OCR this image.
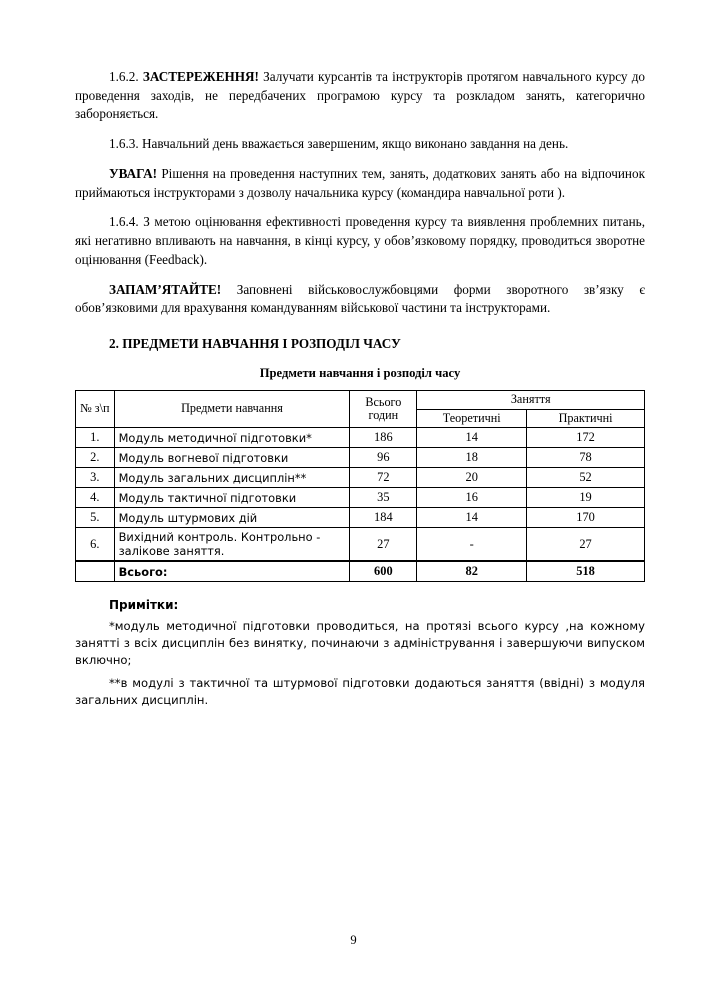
1.6.2. ЗАСТЕРЕЖЕННЯ! Залучати курсантів та інструкторів протягом навчального курсу до проведення заходів, не передбачених програмою курсу та розкладом занять, категорично забороняється.

1.6.3. Навчальний день вважається завершеним, якщо виконано завдання на день.

УВАГА! Рішення на проведення наступних тем, занять, додаткових занять або на відпочинок приймаються інструкторами з дозволу начальника курсу (командира навчальної роти ).

1.6.4. З метою оцінювання ефективності проведення курсу та виявлення проблемних питань, які негативно впливають на навчання, в кінці курсу, у обов’язковому порядку, проводиться зворотне оцінювання (Feedback).

ЗАПАМ’ЯТАЙТЕ! Заповнені військовослужбовцями форми зворотного зв’язку є обов’язковими для врахування командуванням військової частини та інструкторами.

2. ПРЕДМЕТИ НАВЧАННЯ І РОЗПОДІЛ ЧАСУ
Предмети навчання і розподіл часу
№ з\п	Предмети навчання	Всього годин	Заняття	
			Теоретичні	Практичні
1.	Модуль методичної підготовки*	186	14	172
2.	Модуль вогневої підготовки	96	18	78
3.	Модуль загальних дисциплін**	72	20	52
4.	Модуль тактичної підготовки	35	16	19
5.	Модуль штурмових дій	184	14	170
6.	Вихідний контроль. Контрольно - залікове заняття.	27	-	27
	Всього:	600	82	518
Примітки:

*модуль методичної підготовки проводиться, на протязі всього курсу ,на кожному занятті з всіх дисциплін без винятку, починаючи з адміністрування і завершуючи випуском включно;

**в модулі з тактичної та штурмової підготовки додаються заняття (ввідні) з модуля загальних дисциплін.

9
